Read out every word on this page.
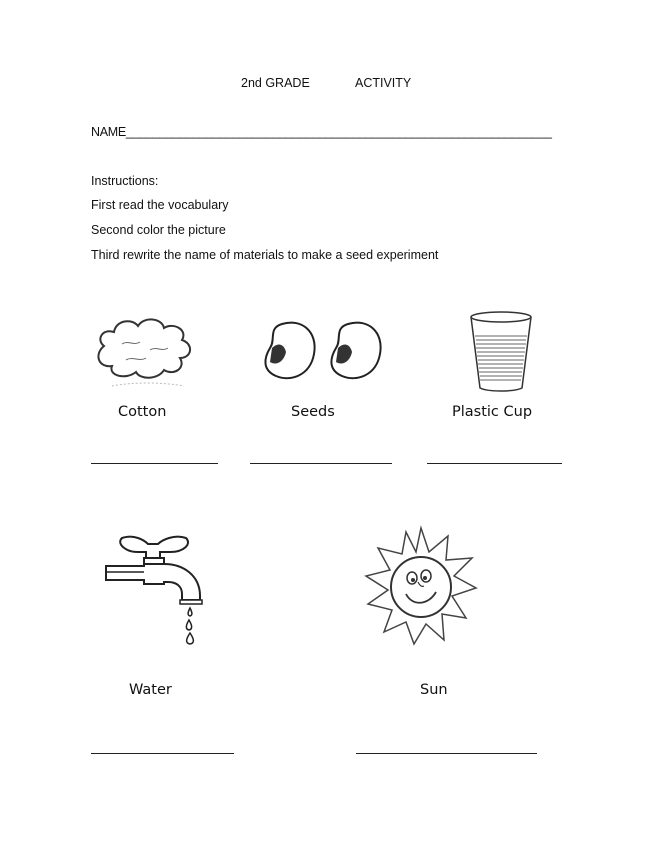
2nd GRADE	ACTIVITY
NAME________________________________________________________________
Instructions:
First read the vocabulary
Second color the picture
Third rewrite the name of materials to make a seed experiment
Cotton	Seeds	Plastic Cup
Water	Sun
